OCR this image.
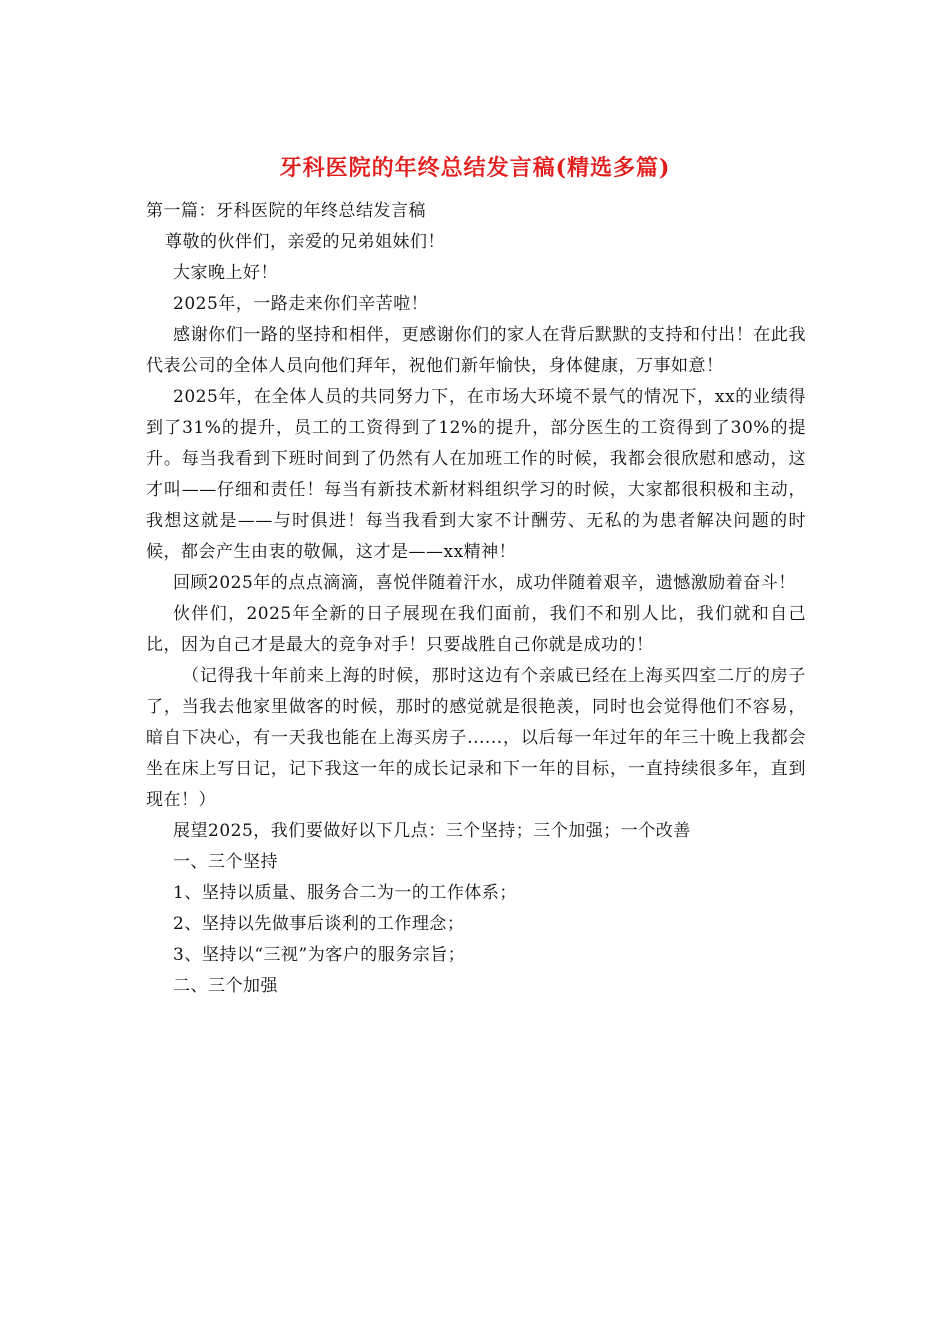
牙科医院的年终总结发言稿(精选多篇)

第一篇：牙科医院的年终总结发言稿

尊敬的伙伴们，亲爱的兄弟姐妹们！

大家晚上好！

2025年，一路走来你们辛苦啦！

感谢你们一路的坚持和相伴，更感谢你们的家人在背后默默的支持和付出！在此我代表公司的全体人员向他们拜年，祝他们新年愉快，身体健康，万事如意！

2025年，在全体人员的共同努力下，在市场大环境不景气的情况下，xx的业绩得到了31%的提升，员工的工资得到了12%的提升，部分医生的工资得到了30%的提升。每当我看到下班时间到了仍然有人在加班工作的时候，我都会很欣慰和感动，这才叫——仔细和责任！每当有新技术新材料组织学习的时候，大家都很积极和主动，我想这就是——与时俱进！每当我看到大家不计酬劳、无私的为患者解决问题的时候，都会产生由衷的敬佩，这才是——xx精神！

回顾2025年的点点滴滴，喜悦伴随着汗水，成功伴随着艰辛，遗憾激励着奋斗！

伙伴们，2025年全新的日子展现在我们面前，我们不和别人比，我们就和自己比，因为自己才是最大的竞争对手！只要战胜自己你就是成功的！

（记得我十年前来上海的时候，那时这边有个亲戚已经在上海买四室二厅的房子了，当我去他家里做客的时候，那时的感觉就是很艳羡，同时也会觉得他们不容易，暗自下决心，有一天我也能在上海买房子......，以后每一年过年的年三十晚上我都会坐在床上写日记，记下我这一年的成长记录和下一年的目标，一直持续很多年，直到现在！）

展望2025，我们要做好以下几点：三个坚持；三个加强；一个改善

一、三个坚持

1、坚持以质量、服务合二为一的工作体系；

2、坚持以先做事后谈利的工作理念；

3、坚持以“三视”为客户的服务宗旨；

二、三个加强
